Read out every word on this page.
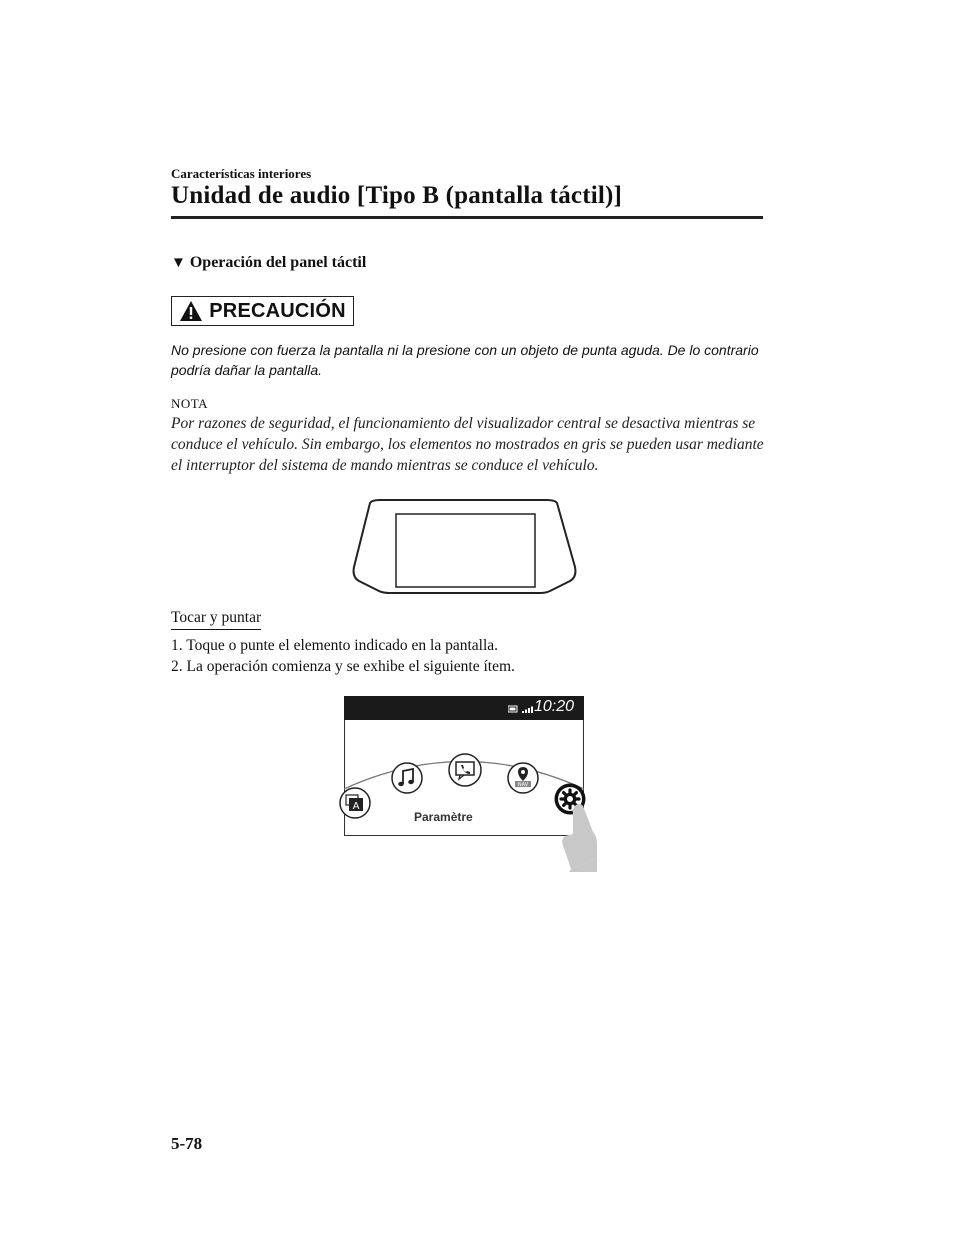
Características interiores
Unidad de audio [Tipo B (pantalla táctil)]
▼ Operación del panel táctil
PRECAUCIÓN
No presione con fuerza la pantalla ni la presione con un objeto de punta aguda. De lo contrario podría dañar la pantalla.
NOTA
Por razones de seguridad, el funcionamiento del visualizador central se desactiva mientras se conduce el vehículo. Sin embargo, los elementos no mostrados en gris se pueden usar mediante el interruptor del sistema de mando mientras se conduce el vehículo.
Tocar y puntar
1. Toque o punte el elemento indicado en la pantalla.
2. La operación comienza y se exhibe el siguiente ítem.
10:20
A
NAV
Paramètre
5-78
